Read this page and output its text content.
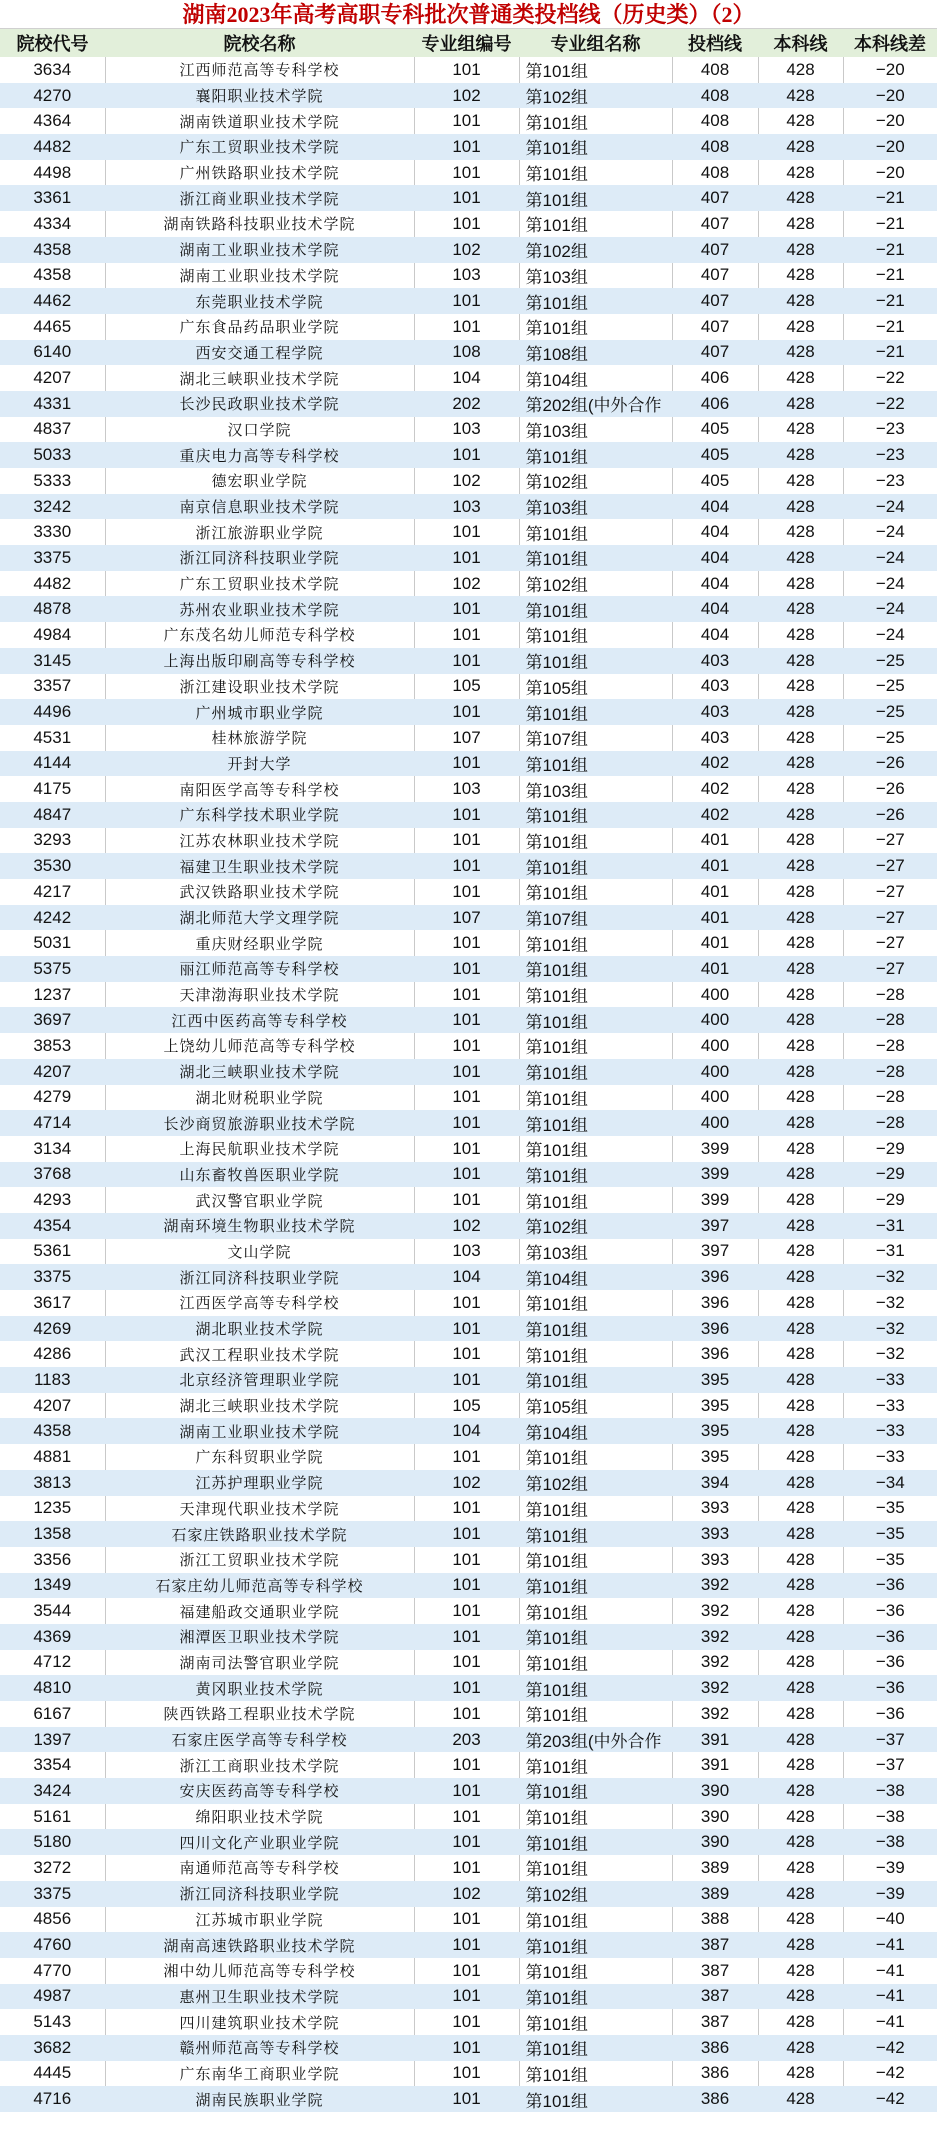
湖南2023年高考高职专科批次普通类投档线（历史类）（2）
院校代号	院校名称	专业组编号	专业组名称	投档线	本科线	本科线差
3634	江西师范高等专科学校	101	第101组	408	428	−20
4270	襄阳职业技术学院	102	第102组	408	428	−20
4364	湖南铁道职业技术学院	101	第101组	408	428	−20
4482	广东工贸职业技术学院	101	第101组	408	428	−20
4498	广州铁路职业技术学院	101	第101组	408	428	−20
3361	浙江商业职业技术学院	101	第101组	407	428	−21
4334	湖南铁路科技职业技术学院	101	第101组	407	428	−21
4358	湖南工业职业技术学院	102	第102组	407	428	−21
4358	湖南工业职业技术学院	103	第103组	407	428	−21
4462	东莞职业技术学院	101	第101组	407	428	−21
4465	广东食品药品职业学院	101	第101组	407	428	−21
6140	西安交通工程学院	108	第108组	407	428	−21
4207	湖北三峡职业技术学院	104	第104组	406	428	−22
4331	长沙民政职业技术学院	202	第202组(中外合作	406	428	−22
4837	汉口学院	103	第103组	405	428	−23
5033	重庆电力高等专科学校	101	第101组	405	428	−23
5333	德宏职业学院	102	第102组	405	428	−23
3242	南京信息职业技术学院	103	第103组	404	428	−24
3330	浙江旅游职业学院	101	第101组	404	428	−24
3375	浙江同济科技职业学院	101	第101组	404	428	−24
4482	广东工贸职业技术学院	102	第102组	404	428	−24
4878	苏州农业职业技术学院	101	第101组	404	428	−24
4984	广东茂名幼儿师范专科学校	101	第101组	404	428	−24
3145	上海出版印刷高等专科学校	101	第101组	403	428	−25
3357	浙江建设职业技术学院	105	第105组	403	428	−25
4496	广州城市职业学院	101	第101组	403	428	−25
4531	桂林旅游学院	107	第107组	403	428	−25
4144	开封大学	101	第101组	402	428	−26
4175	南阳医学高等专科学校	103	第103组	402	428	−26
4847	广东科学技术职业学院	101	第101组	402	428	−26
3293	江苏农林职业技术学院	101	第101组	401	428	−27
3530	福建卫生职业技术学院	101	第101组	401	428	−27
4217	武汉铁路职业技术学院	101	第101组	401	428	−27
4242	湖北师范大学文理学院	107	第107组	401	428	−27
5031	重庆财经职业学院	101	第101组	401	428	−27
5375	丽江师范高等专科学校	101	第101组	401	428	−27
1237	天津渤海职业技术学院	101	第101组	400	428	−28
3697	江西中医药高等专科学校	101	第101组	400	428	−28
3853	上饶幼儿师范高等专科学校	101	第101组	400	428	−28
4207	湖北三峡职业技术学院	101	第101组	400	428	−28
4279	湖北财税职业学院	101	第101组	400	428	−28
4714	长沙商贸旅游职业技术学院	101	第101组	400	428	−28
3134	上海民航职业技术学院	101	第101组	399	428	−29
3768	山东畜牧兽医职业学院	101	第101组	399	428	−29
4293	武汉警官职业学院	101	第101组	399	428	−29
4354	湖南环境生物职业技术学院	102	第102组	397	428	−31
5361	文山学院	103	第103组	397	428	−31
3375	浙江同济科技职业学院	104	第104组	396	428	−32
3617	江西医学高等专科学校	101	第101组	396	428	−32
4269	湖北职业技术学院	101	第101组	396	428	−32
4286	武汉工程职业技术学院	101	第101组	396	428	−32
1183	北京经济管理职业学院	101	第101组	395	428	−33
4207	湖北三峡职业技术学院	105	第105组	395	428	−33
4358	湖南工业职业技术学院	104	第104组	395	428	−33
4881	广东科贸职业学院	101	第101组	395	428	−33
3813	江苏护理职业学院	102	第102组	394	428	−34
1235	天津现代职业技术学院	101	第101组	393	428	−35
1358	石家庄铁路职业技术学院	101	第101组	393	428	−35
3356	浙江工贸职业技术学院	101	第101组	393	428	−35
1349	石家庄幼儿师范高等专科学校	101	第101组	392	428	−36
3544	福建船政交通职业学院	101	第101组	392	428	−36
4369	湘潭医卫职业技术学院	101	第101组	392	428	−36
4712	湖南司法警官职业学院	101	第101组	392	428	−36
4810	黄冈职业技术学院	101	第101组	392	428	−36
6167	陕西铁路工程职业技术学院	101	第101组	392	428	−36
1397	石家庄医学高等专科学校	203	第203组(中外合作	391	428	−37
3354	浙江工商职业技术学院	101	第101组	391	428	−37
3424	安庆医药高等专科学校	101	第101组	390	428	−38
5161	绵阳职业技术学院	101	第101组	390	428	−38
5180	四川文化产业职业学院	101	第101组	390	428	−38
3272	南通师范高等专科学校	101	第101组	389	428	−39
3375	浙江同济科技职业学院	102	第102组	389	428	−39
4856	江苏城市职业学院	101	第101组	388	428	−40
4760	湖南高速铁路职业技术学院	101	第101组	387	428	−41
4770	湘中幼儿师范高等专科学校	101	第101组	387	428	−41
4987	惠州卫生职业技术学院	101	第101组	387	428	−41
5143	四川建筑职业技术学院	101	第101组	387	428	−41
3682	赣州师范高等专科学校	101	第101组	386	428	−42
4445	广东南华工商职业学院	101	第101组	386	428	−42
4716	湖南民族职业学院	101	第101组	386	428	−42
